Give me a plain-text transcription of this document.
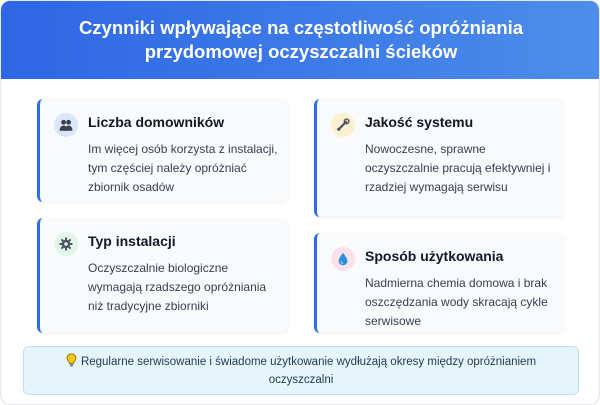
Czynniki wpływające na częstotliwość opróżniania przydomowej oczyszczalni ścieków
Liczba domowników
Im więcej osób korzysta z instalacji, tym częściej należy opróżniać zbiornik osadów
Typ instalacji
Oczyszczalnie biologiczne wymagają rzadszego opróżniania niż tradycyjne zbiorniki
Jakość systemu
Nowoczesne, sprawne oczyszczalnie pracują efektywniej i rzadziej wymagają serwisu
Sposób użytkowania
Nadmierna chemia domowa i brak oszczędzania wody skracają cykle serwisowe

Regularne serwisowanie i świadome użytkowanie wydłużają okresy między opróżnianiem oczyszczalni
